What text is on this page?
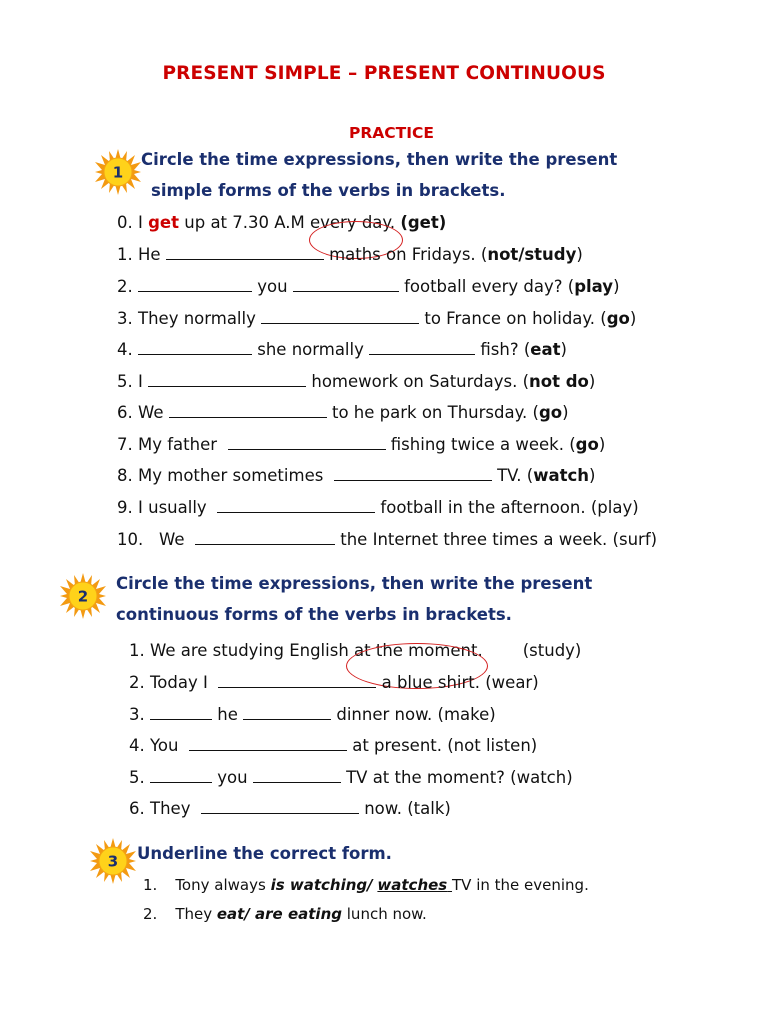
PRESENT SIMPLE – PRESENT CONTINUOUS
PRACTICE
1
Circle the time expressions, then write the present
simple forms of the verbs in brackets.
0. I get up at 7.30 A.M every day. (get)
1. He	maths on Fridays. (not/study)
2.	you	football every day? (play)
3. They normally	to France on holiday. (go)
4.	she normally	fish? (eat)
5. I	homework on Saturdays. (not do)
6. We	to he park on Thursday. (go)
7. My father	fishing twice a week. (go)
8. My mother sometimes	TV. (watch)
9. I usually	football in the afternoon. (play)
10. We	the Internet three times a week. (surf)
2
Circle the time expressions, then write the present
continuous forms of the verbs in brackets.
1. We are studying English at the moment. (study)
2. Today I	a blue shirt. (wear)
3.	he	dinner now. (make)
4. You	at present. (not listen)
5.	you	TV at the moment? (watch)
6. They	now. (talk)
3 Underline the correct form.
1. Tony always is watching/ watches TV in the evening.
2. They eat/ are eating lunch now.
